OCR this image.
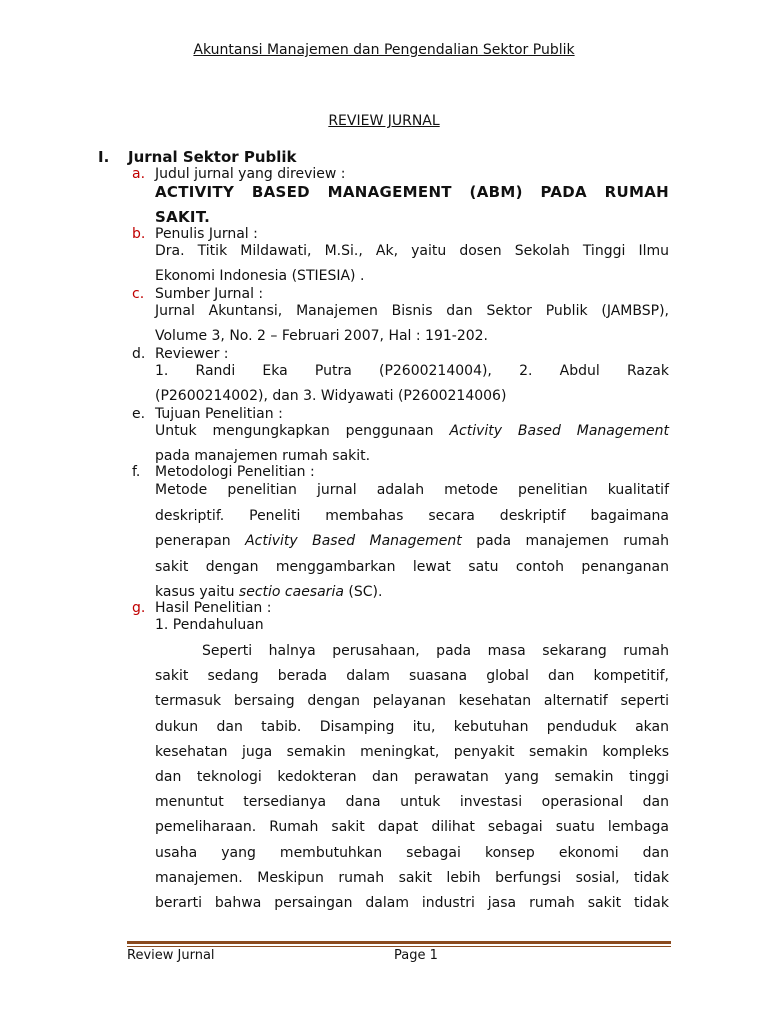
Akuntansi Manajemen dan Pengendalian Sektor Publik
REVIEW JURNAL
I. Jurnal Sektor Publik
a. Judul jurnal yang direview :
ACTIVITY BASED MANAGEMENT (ABM) PADA RUMAH
SAKIT.
b. Penulis Jurnal :
Dra. Titik Mildawati, M.Si., Ak, yaitu dosen Sekolah Tinggi Ilmu
Ekonomi Indonesia (STIESIA) .
c. Sumber Jurnal :
Jurnal Akuntansi, Manajemen Bisnis dan Sektor Publik (JAMBSP),
Volume 3, No. 2 – Februari 2007, Hal : 191-202.
d. Reviewer :
1. Randi Eka Putra (P2600214004), 2. Abdul Razak
(P2600214002), dan 3. Widyawati (P2600214006)
e. Tujuan Penelitian :
Untuk mengungkapkan penggunaan Activity Based Management
pada manajemen rumah sakit.
f.	Metodologi Penelitian :
Metode penelitian jurnal adalah metode penelitian kualitatif
deskriptif. Peneliti membahas secara deskriptif bagaimana
penerapan Activity Based Management pada manajemen rumah
sakit dengan menggambarkan lewat satu contoh penanganan
kasus yaitu sectio caesaria (SC).
g. Hasil Penelitian :
1. Pendahuluan
Seperti halnya perusahaan, pada masa sekarang rumah
sakit sedang berada dalam suasana global dan kompetitif,
termasuk bersaing dengan pelayanan kesehatan alternatif seperti
dukun dan tabib. Disamping itu, kebutuhan penduduk akan
kesehatan juga semakin meningkat, penyakit semakin kompleks
dan teknologi kedokteran dan perawatan yang semakin tinggi
menuntut tersedianya dana untuk investasi operasional dan
pemeliharaan. Rumah sakit dapat dilihat sebagai suatu lembaga
usaha yang membutuhkan sebagai konsep ekonomi dan
manajemen. Meskipun rumah sakit lebih berfungsi sosial, tidak
berarti bahwa persaingan dalam industri jasa rumah sakit tidak
Review Jurnal	Page 1
